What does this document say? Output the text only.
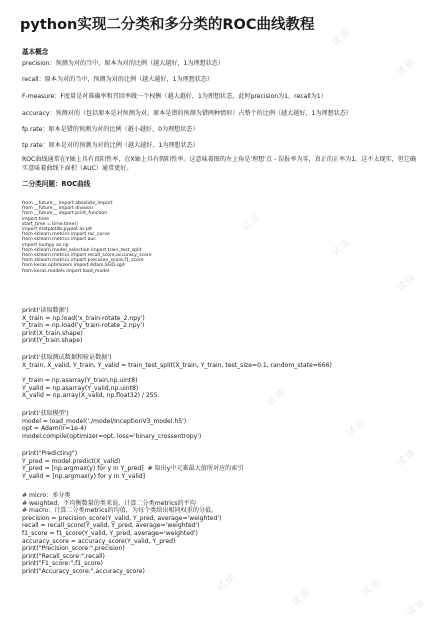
python实现二分类和多分类的ROC曲线教程
基本概念
precision：预测为对的当中，原本为对的比例（越大越好，1为理想状态）
recall：原本为对的当中，预测为对的比例（越大越好，1为理想状态）
F-measure：F度量是对准确率和召回率做一个权衡（越大越好，1为理想状态，此时precision为1，recall为1）
accuracy：预测对的（包括原本是对预测为对，原本是错的预测为错两种情形）占整个的比例（越大越好，1为理想状态）
fp rate：原本是错的预测为对的比例（越小越好，0为理想状态）
tp rate：原本是对的预测为对的比例（越大越好，1为理想状态）
ROC曲线通常在Y轴上具有真阳性率，在X轴上具有假阳性率。这意味着图的左上角是'理想'点 - 误报率为零，真正的正率为1。这不太现实，但它确实意味着曲线下面积（AUC）通常更好。
二分类问题：ROC曲线
from __future__ import absolute_import
from __future__ import division
from __future__ import print_function
import time
start_time = time.time()
import matplotlib.pyplot as plt
from sklearn.metrics import roc_curve
from sklearn.metrics import auc
import numpy as np
from sklearn.model_selection import train_test_split
from sklearn.metrics import recall_score,accuracy_score
from sklearn.metrics import precision_score,f1_score
from keras.optimizers import Adam,SGD,sgd
from keras.models import load_model
print('读取数据')
X_train = np.load('x_train-rotate_2.npy')
Y_train = np.load('y_train-rotate_2.npy')
print(X_train.shape)
print(Y_train.shape)
print('获取测试数据和验证数据')
X_train, X_valid, Y_train, Y_valid = train_test_split(X_train, Y_train, test_size=0.1, random_state=666)
Y_train = np.asarray(Y_train,np.uint8)
Y_valid = np.asarray(Y_valid,np.uint8)
X_valid = np.array(X_valid, np.float32) / 255.
print('获取模型')
model = load_model('./model/InceptionV3_model.h5')
opt = Adam(lr=1e-4)
model.compile(optimizer=opt, loss='binary_crossentropy')
print("Predicting")
Y_pred = model.predict(X_valid)
Y_pred = [np.argmax(y) for y in Y_pred]  # 取出y中元素最大值所对应的索引
Y_valid = [np.argmax(y) for y in Y_valid]
# micro：多分类
# weighted：不均衡数量的类来说，计算二分类metrics的平均
# macro：计算二分类metrics的均值，为每个类给出相同权重的分值。
precision = precision_score(Y_valid, Y_pred, average='weighted')
recall = recall_score(Y_valid, Y_pred, average='weighted')
f1_score = f1_score(Y_valid, Y_pred, average='weighted')
accuracy_score = accuracy_score(Y_valid, Y_pred)
print("Precision_score:",precision)
print("Recall_score:",recall)
print("F1_score:",f1_score)
print("Accuracy_score:",accuracy_score)
试读
试读
试读
试读
试读
试读
试读
试读
试读
试读	试读
试读
